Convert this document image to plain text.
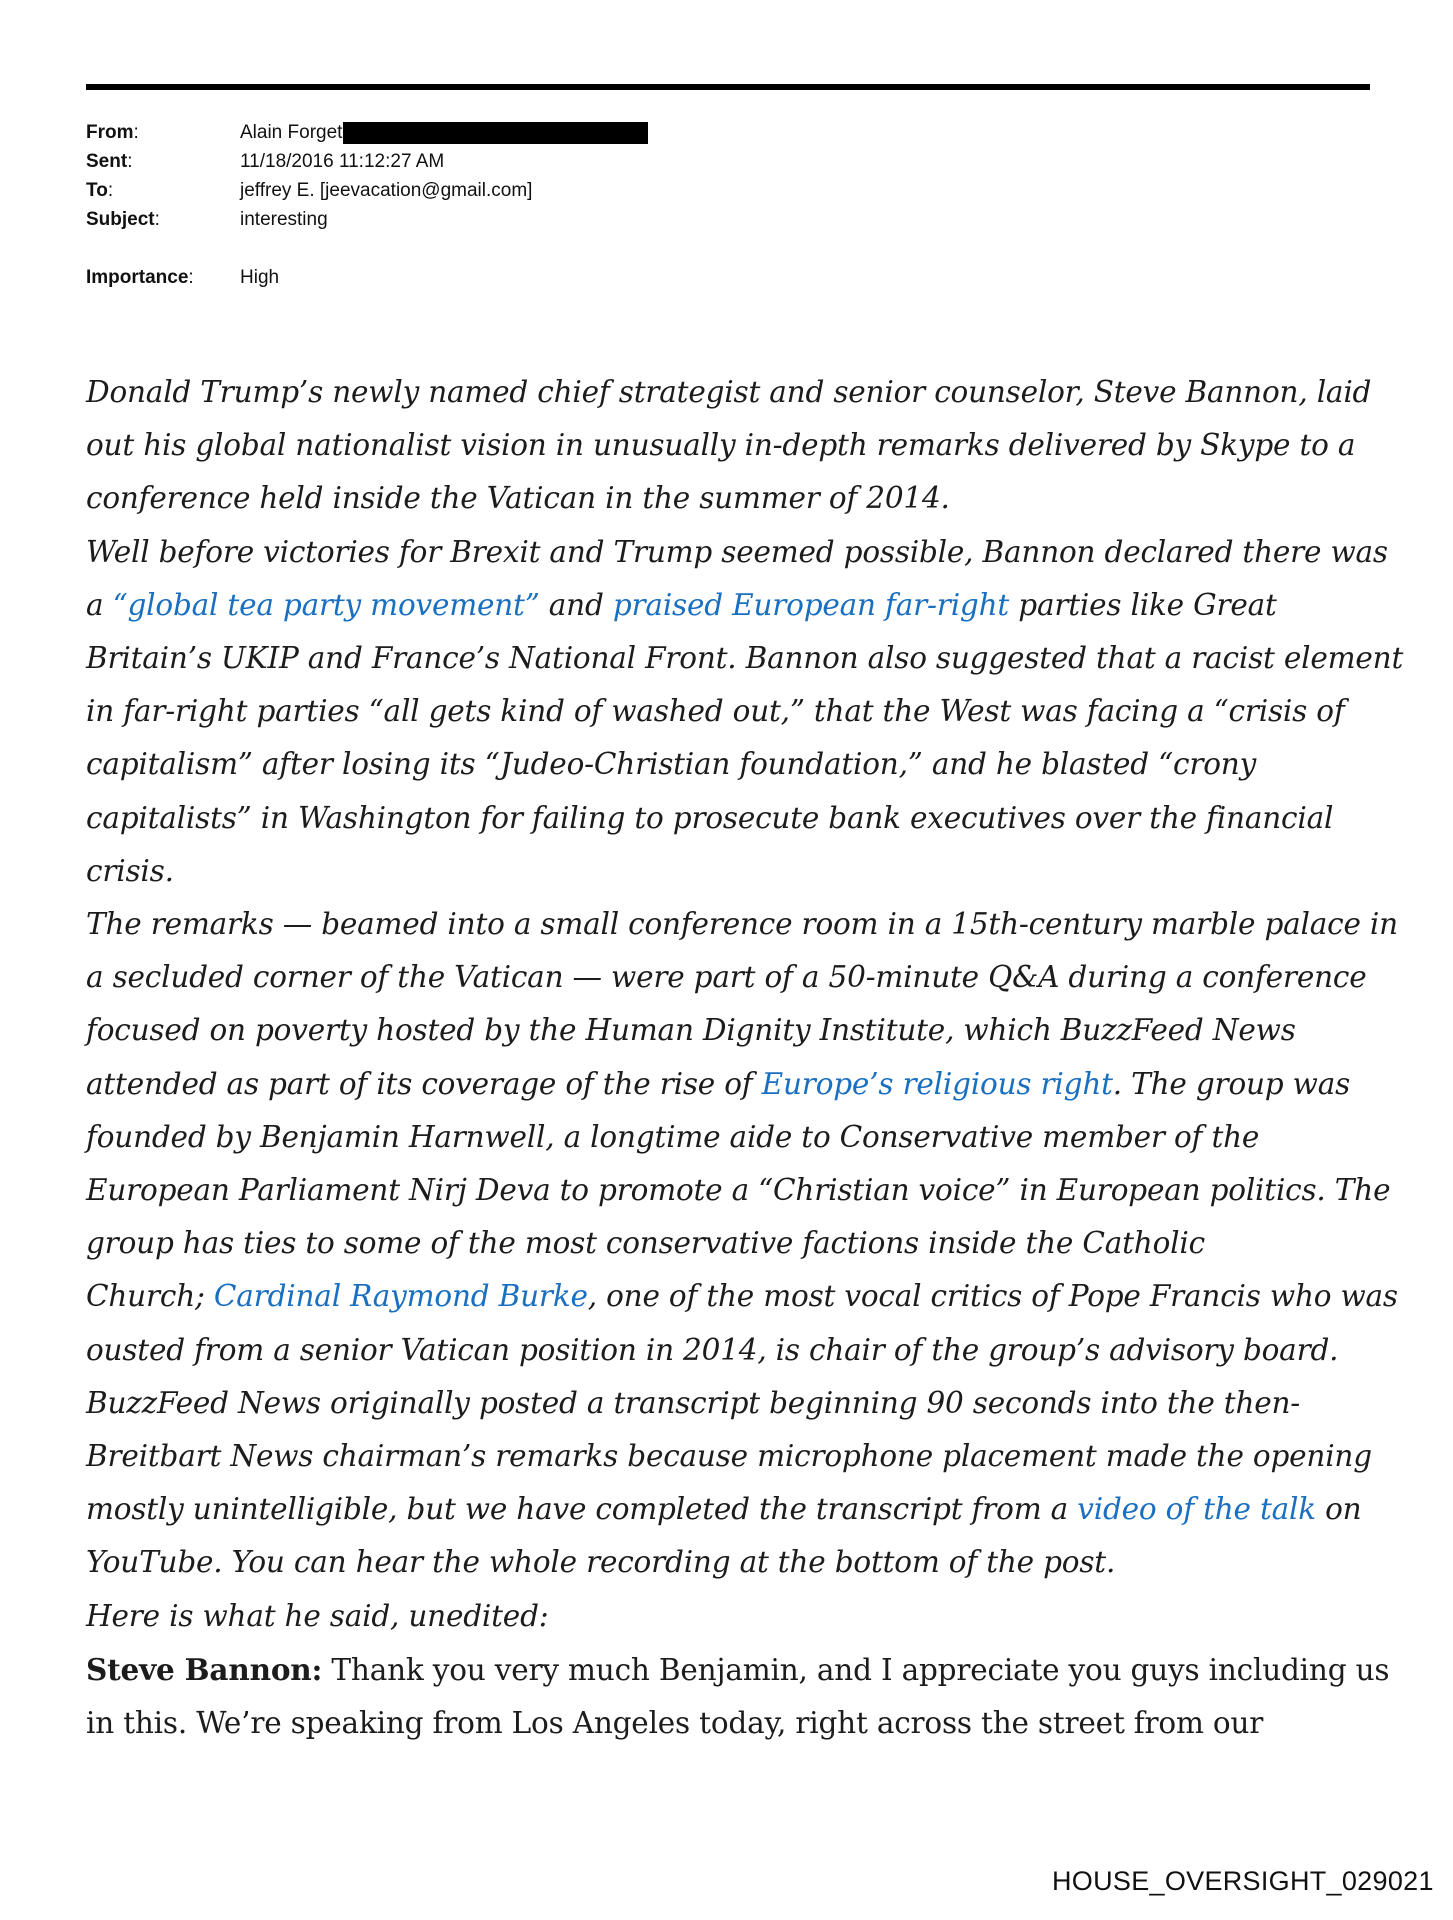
From:	Alain Forget
Sent:	11/18/2016 11:12:27 AM
To:	jeffrey E. [jeevacation@gmail.com]
Subject:	interesting
Importance:	High
Donald Trump’s newly named chief strategist and senior counselor, Steve Bannon, laid
out his global nationalist vision in unusually in-depth remarks delivered by Skype to a
conference held inside the Vatican in the summer of 2014.
Well before victories for Brexit and Trump seemed possible, Bannon declared there was
a “global tea party movement” and praised European far-right parties like Great
Britain’s UKIP and France’s National Front. Bannon also suggested that a racist element
in far-right parties “all gets kind of washed out,” that the West was facing a “crisis of
capitalism” after losing its “Judeo-Christian foundation,” and he blasted “crony
capitalists” in Washington for failing to prosecute bank executives over the financial
crisis.
The remarks — beamed into a small conference room in a 15th-century marble palace in
a secluded corner of the Vatican — were part of a 50-minute Q&A during a conference
focused on poverty hosted by the Human Dignity Institute, which BuzzFeed News
attended as part of its coverage of the rise of Europe’s religious right. The group was
founded by Benjamin Harnwell, a longtime aide to Conservative member of the
European Parliament Nirj Deva to promote a “Christian voice” in European politics. The
group has ties to some of the most conservative factions inside the Catholic
Church; Cardinal Raymond Burke, one of the most vocal critics of Pope Francis who was
ousted from a senior Vatican position in 2014, is chair of the group’s advisory board.
BuzzFeed News originally posted a transcript beginning 90 seconds into the then-
Breitbart News chairman’s remarks because microphone placement made the opening
mostly unintelligible, but we have completed the transcript from a video of the talk on
YouTube. You can hear the whole recording at the bottom of the post.
Here is what he said, unedited:
Steve Bannon: Thank you very much Benjamin, and I appreciate you guys including us
in this. We’re speaking from Los Angeles today, right across the street from our
HOUSE_OVERSIGHT_029021
